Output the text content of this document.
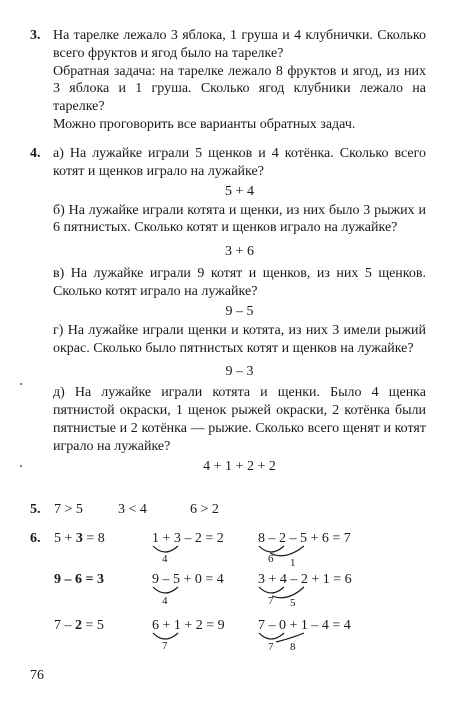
3. На тарелке лежало 3 яблока, 1 груша и 4 клубнички. Сколько всего фруктов и ягод было на тарелке?

Обратная задача: на тарелке лежало 8 фруктов и ягод, из них 3 яблока и 1 груша. Сколько ягод клубники лежало на тарелке?

Можно проговорить все варианты обратных задач.

4. а) На лужайке играли 5 щенков и 4 котёнка. Сколько всего котят и щенков играло на лужайке?

5 + 4

б) На лужайке играли котята и щенки, из них было 3 рыжих и 6 пятнистых. Сколько котят и щенков играло на лужайке?

3 + 6

в) На лужайке играли 9 котят и щенков, из них 5 щенков. Сколько котят играло на лужайке?

9 – 5

г) На лужайке играли щенки и котята, из них 3 имели рыжий окрас. Сколько было пятнистых котят и щенков на лужайке?

9 – 3

д) На лужайке играли котята и щенки. Было 4 щенка пятнистой окраски, 1 щенок рыжей окраски, 2 котёнка были пятнистые и 2 котёнка — рыжие. Сколько всего щенят и котят играло на лужайке?

4 + 1 + 2 + 2
5. 7 > 5	3 < 4	6 > 2
6. 5 + 3 = 8
9 – 6 = 3
7 – 2 = 5
1 + 3 – 2 = 2
4
9 – 5 + 0 = 4
4
6 + 1 + 2 = 9
7
8 – 2 – 5 + 6 = 7
6 1
3 + 4 – 2 + 1 = 6
7 5
7 – 0 + 1 – 4 = 4
7 8
76
